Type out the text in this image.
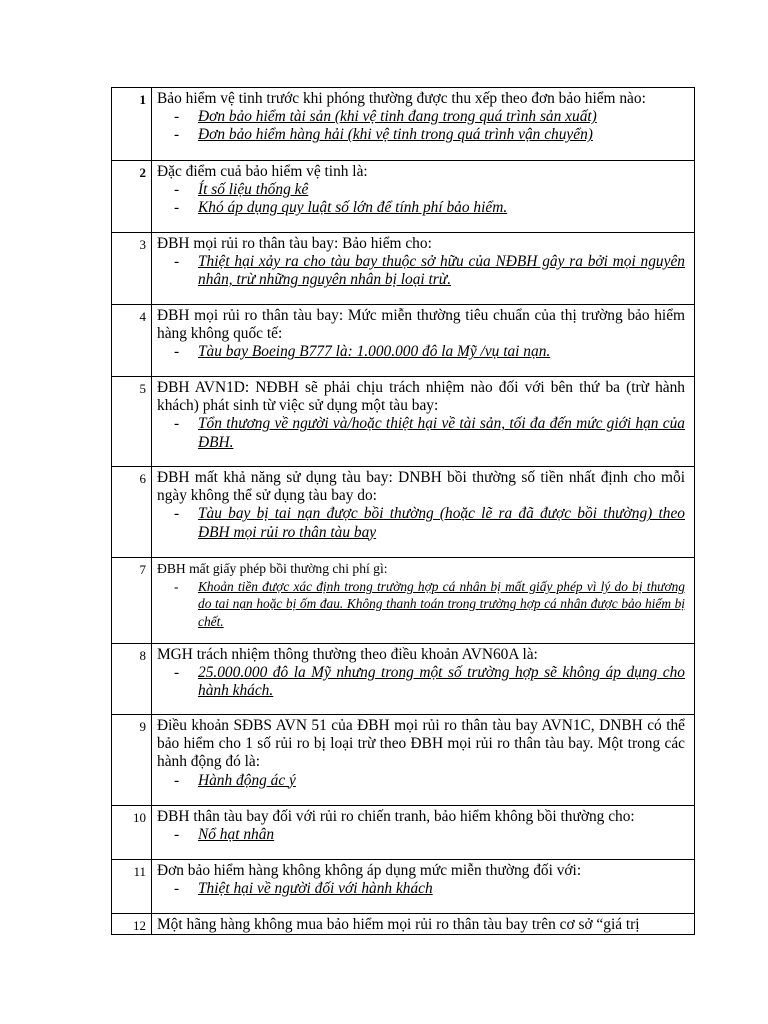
1	Bảo hiểm vệ tinh trước khi phóng thường được thu xếp theo đơn bảo hiểm nào:
- Đơn bảo hiểm tài sản (khi vệ tinh đang trong quá trình sản xuất)
- Đơn bảo hiểm hàng hải (khi vệ tinh trong quá trình vận chuyển)

2	Đặc điểm cuả bảo hiểm vệ tinh là:
- Ít số liệu thống kê
- Khó áp dụng quy luật số lớn để tính phí bảo hiểm.

3	ĐBH mọi rủi ro thân tàu bay: Bảo hiểm cho:
- Thiệt hại xảy ra cho tàu bay thuộc sở hữu của NĐBH gây ra bởi mọi nguyên nhân, trừ những nguyên nhân bị loại trừ.

4	ĐBH mọi rủi ro thân tàu bay: Mức miễn thường tiêu chuẩn của thị trường bảo hiểm hàng không quốc tế:
- Tàu bay Boeing B777 là: 1.000.000 đô la Mỹ /vụ tai nạn.

5	ĐBH AVN1D: NĐBH sẽ phải chịu trách nhiệm nào đối với bên thứ ba (trừ hành khách) phát sinh từ việc sử dụng một tàu bay:
- Tổn thương về người và/hoặc thiệt hại về tài sản, tối đa đến mức giới hạn của ĐBH.

6	ĐBH mất khả năng sử dụng tàu bay: DNBH bồi thường số tiền nhất định cho mỗi ngày không thể sử dụng tàu bay do:
- Tàu bay bị tai nạn được bồi thường (hoặc lẽ ra đã được bồi thường) theo ĐBH mọi rủi ro thân tàu bay

7	ĐBH mất giấy phép bồi thường chi phí gì:
- Khoản tiền được xác định trong trường hợp cá nhân bị mất giấy phép vì lý do bị thương do tai nạn hoặc bị ốm đau. Không thanh toán trong trường hợp cá nhân được bảo hiểm bị chết.

8	MGH trách nhiệm thông thường theo điều khoản AVN60A là:
- 25.000.000 đô la Mỹ nhưng trong một số trường hợp sẽ không áp dụng cho hành khách.

9	Điều khoản SĐBS AVN 51 của ĐBH mọi rủi ro thân tàu bay AVN1C, DNBH có thể bảo hiểm cho 1 số rủi ro bị loại trừ theo ĐBH mọi rủi ro thân tàu bay. Một trong các hành động đó là:
- Hành động ác ý

10	ĐBH thân tàu bay đối với rủi ro chiến tranh, bảo hiểm không bồi thường cho:
- Nổ hạt nhân

11	Đơn bảo hiểm hàng không không áp dụng mức miễn thường đối với:
- Thiệt hại về người đối với hành khách

12	Một hãng hàng không mua bảo hiểm mọi rủi ro thân tàu bay trên cơ sở “giá trị
